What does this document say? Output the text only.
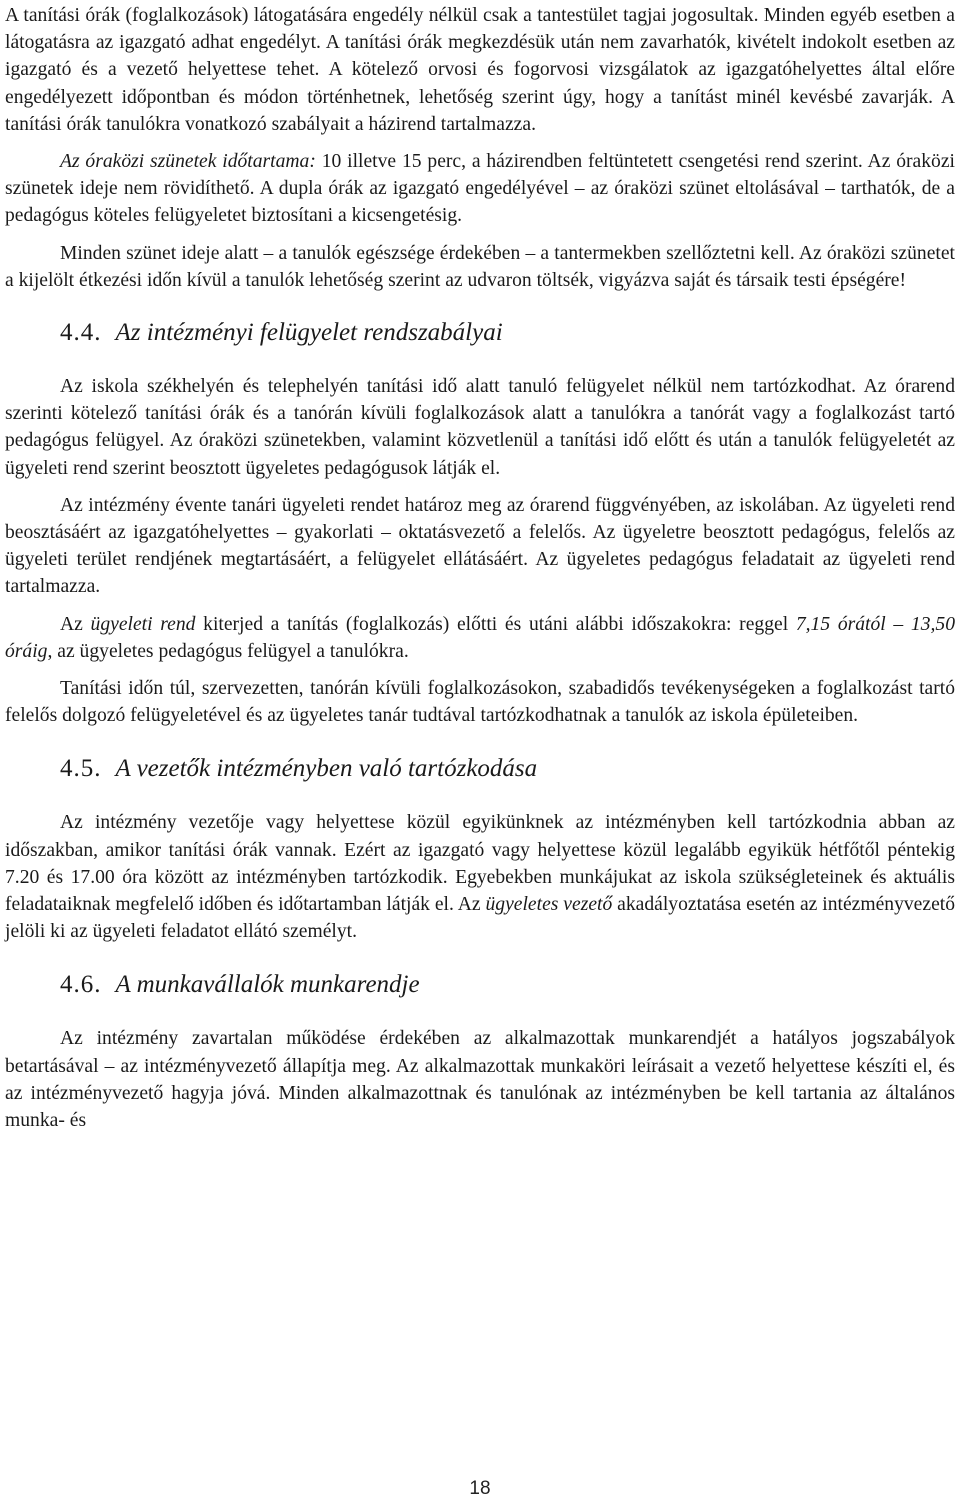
A tanítási órák (foglalkozások) látogatására engedély nélkül csak a tantestület tagjai jogosultak. Minden egyéb esetben a látogatásra az igazgató adhat engedélyt. A tanítási órák megkezdésük után nem zavarhatók, kivételt indokolt esetben az igazgató és a vezető helyettese tehet. A kötelező orvosi és fogorvosi vizsgálatok az igazgatóhelyettes által előre engedélyezett időpontban és módon történhetnek, lehetőség szerint úgy, hogy a tanítást minél kevésbé zavarják. A tanítási órák tanulókra vonatkozó szabályait a házirend tartalmazza.

Az óraközi szünetek időtartama: 10 illetve 15 perc, a házirendben feltüntetett csengetési rend szerint. Az óraközi szünetek ideje nem rövidíthető. A dupla órák az igazgató engedélyével – az óraközi szünet eltolásával – tarthatók, de a pedagógus köteles felügyeletet biztosítani a kicsengetésig.

Minden szünet ideje alatt – a tanulók egészsége érdekében – a tantermekben szellőztetni kell. Az óraközi szünetet a kijelölt étkezési időn kívül a tanulók lehetőség szerint az udvaron töltsék, vigyázva saját és társaik testi épségére!

4.4. Az intézményi felügyelet rendszabályai

Az iskola székhelyén és telephelyén tanítási idő alatt tanuló felügyelet nélkül nem tartózkodhat. Az órarend szerinti kötelező tanítási órák és a tanórán kívüli foglalkozások alatt a tanulókra a tanórát vagy a foglalkozást tartó pedagógus felügyel. Az óraközi szünetekben, valamint közvetlenül a tanítási idő előtt és után a tanulók felügyeletét az ügyeleti rend szerint beosztott ügyeletes pedagógusok látják el.

Az intézmény évente tanári ügyeleti rendet határoz meg az órarend függvényében, az iskolában. Az ügyeleti rend beosztásáért az igazgatóhelyettes – gyakorlati – oktatásvezető a felelős. Az ügyeletre beosztott pedagógus, felelős az ügyeleti terület rendjének megtartásáért, a felügyelet ellátásáért. Az ügyeletes pedagógus feladatait az ügyeleti rend tartalmazza.

Az ügyeleti rend kiterjed a tanítás (foglalkozás) előtti és utáni alábbi időszakokra: reggel 7,15 órától – 13,50 óráig, az ügyeletes pedagógus felügyel a tanulókra.

Tanítási időn túl, szervezetten, tanórán kívüli foglalkozásokon, szabadidős tevékenységeken a foglalkozást tartó felelős dolgozó felügyeletével és az ügyeletes tanár tudtával tartózkodhatnak a tanulók az iskola épületeiben.

4.5. A vezetők intézményben való tartózkodása

Az intézmény vezetője vagy helyettese közül egyikünknek az intézményben kell tartózkodnia abban az időszakban, amikor tanítási órák vannak. Ezért az igazgató vagy helyettese közül legalább egyikük hétfőtől péntekig 7.20 és 17.00 óra között az intézményben tartózkodik. Egyebekben munkájukat az iskola szükségleteinek és aktuális feladataiknak megfelelő időben és időtartamban látják el. Az ügyeletes vezető akadályoztatása esetén az intézményvezető jelöli ki az ügyeleti feladatot ellátó személyt.

4.6. A munkavállalók munkarendje

Az intézmény zavartalan működése érdekében az alkalmazottak munkarendjét a hatályos jogszabályok betartásával – az intézményvezető állapítja meg. Az alkalmazottak munkaköri leírásait a vezető helyettese készíti el, és az intézményvezető hagyja jóvá. Minden alkalmazottnak és tanulónak az intézményben be kell tartania az általános munka- és

18
